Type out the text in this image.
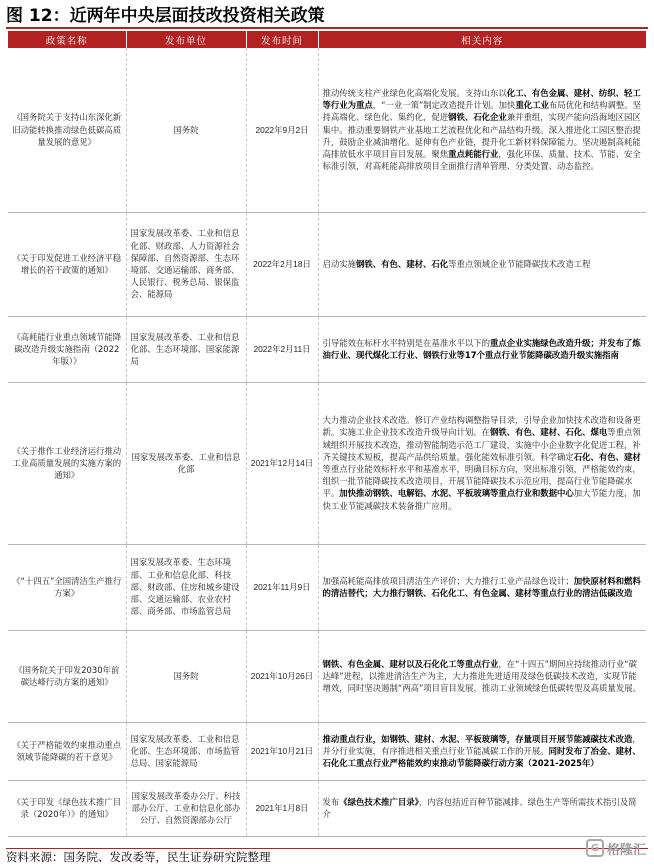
图 12：近两年中央层面技改投资相关政策
政策名称	发布单位	发布时间	相关内容
《国务院关于支持山东深化新旧动能转换推动绿色低碳高质量发展的意见》	国务院	2022年9月2日	推动传统支柱产业绿色化高端化发展。支持山东以化工、有色金属、建材、纺织、轻工等行业为重点，“一业一策”制定改造提升计划。加快重化工业布局优化和结构调整。坚持高端化、绿色化、集约化，促进钢铁、石化企业兼并重组，实现产能向沿海地区园区集中。推动重要钢铁产业基地工艺流程优化和产品结构升级。深入推进化工园区整治提升，鼓励企业减油增化。延伸有色产业链，提升化工新材料保障能力。坚决遏制高耗能高排放低水平项目盲目发展。聚焦重点耗能行业，强化环保、质量、技术、节能、安全标准引领，对高耗能高排放项目全面推行清单管理、分类处置、动态监控。
《关于印发促进工业经济平稳增长的若干政策的通知》	国家发展改革委、工业和信息化部、财政部、人力资源社会保障部、自然资源部、生态环境部、交通运输部、商务部、人民银行、税务总局、银保监会、能源局	2022年2月18日	启动实施钢铁、有色、建材、石化等重点领域企业节能降碳技术改造工程
《高耗能行业重点领域节能降碳改造升级实施指南（2022年版）》	国家发展改革委、工业和信息化部、生态环境部、国家能源局	2022年2月11日	引导能效在标杆水平特别是在基准水平以下的重点企业实施绿色改造升级；并发布了炼油行业、现代煤化工行业、钢铁行业等17个重点行业节能降碳改造升级实施指南
《关于推作工业经济运行推动工业高质量发展的实施方案的通知》	国家发展改革委、工业和信息化部	2021年12月14日	大力推动企业技术改造。修订产业结构调整指导目录，引导企业加快技术改造和设备更新。实施工业企业技术改造升级导向计划。在钢铁、有色、建材、石化、煤电等重点领域组织开展技术改造，推动智能制造示范工厂建设，实施中小企业数字化促进工程，补齐关键技术短板，提高产品供给质量。强化能效标准引领。科学确定石化、有色、建材等重点行业能效标杆水平和基准水平，明确目标方向，突出标准引领，严格能效约束，组织一批节能降碳技术改造项目，开展节能降碳技术示范应用，提高行业节能降碳水平。加快推动钢铁、电解铝、水泥、平板玻璃等重点行业和数据中心加大节能力度，加快工业节能减碳技术装备推广应用。
《“十四五”全国清洁生产推行方案》	国家发展改革委、生态环境部、工业和信息化部、科技部、财政部、住房和城乡建设部、交通运输部、农业农村部、商务部、市场监管总局	2021年11月9日	加强高耗能高排放项目清洁生产评价；大力推行工业产品绿色设计；加快原材料和燃料的清洁替代；大力推行钢铁、石化化工、有色金属、建材等重点行业的清洁低碳改造
《国务院关于印发2030年前碳达峰行动方案的通知》	国务院	2021年10月26日	钢铁、有色金属、建材以及石化化工等重点行业，在“十四五”期间应持续推动行业“碳达峰”进程，以推进清洁生产为主，大力推进先进适用及绿色低碳技术改造，实现节能增效，同时坚决遏制“两高”项目盲目发展，推动工业领域绿色低碳转型及高质量发展。
《关于严格能效约束推动重点领域节能降碳的若干意见》	国家发展改革委、工业和信息化部、生态环境部、市场监管总局、国家能源局	2021年10月21日	推动重点行业，如钢铁、建材、水泥、平板玻璃等，存量项目开展节能减碳技术改造，并分行业实施，有序推进相关重点行业节能减碳工作的开展。同时发布了冶金、建材、石化化工重点行业严格能效约束推动节能降碳行动方案（2021-2025年）
《关于印发《绿色技术推广目录（2020年）》的通知》	国家发展改革委办公厅、科技部办公厅、工业和信息化部办公厅、自然资源部办公厅	2021年1月8日	发布《绿色技术推广目录》，内容包括近百种节能减排、绿色生产等所需技术指引及简介
资料来源：国务院、发改委等，民生证券研究院整理
G 格隆汇
